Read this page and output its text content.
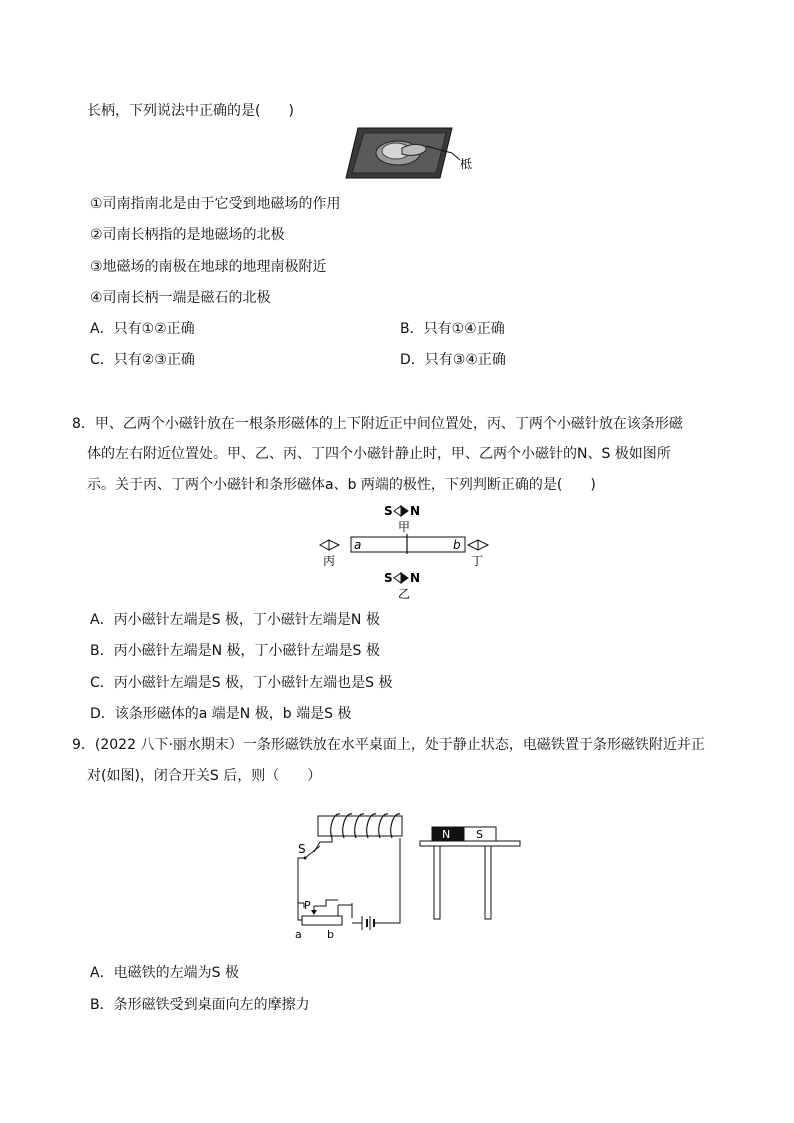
长柄，下列说法中正确的是(　　)
柢
①司南指南北是由于它受到地磁场的作用
②司南长柄指的是地磁场的北极
③地磁场的南极在地球的地理南极附近
④司南长柄一端是磁石的北极
A．只有①②正确	B．只有①④正确
C．只有②③正确	D．只有③④正确
8．甲、乙两个小磁针放在一根条形磁体的上下附近正中间位置处，丙、丁两个小磁针放在该条形磁
体的左右附近位置处。甲、乙、丙、丁四个小磁针静止时，甲、乙两个小磁针的N、S 极如图所
示。关于丙、丁两个小磁针和条形磁体a、b 两端的极性，下列判断正确的是(　　)
S N
甲
a	b
丙	丁
S N
乙
A．丙小磁针左端是S 极，丁小磁针左端是N 极
B．丙小磁针左端是N 极，丁小磁针左端是S 极
C．丙小磁针左端是S 极，丁小磁针左端也是S 极
D．该条形磁体的a 端是N 极，b 端是S 极
9．(2022 八下·丽水期末）一条形磁铁放在水平桌面上，处于静止状态，电磁铁置于条形磁铁附近并正
对(如图)，闭合开关S 后，则（　　）
S
P
a b
N S
A．电磁铁的左端为S 极
B．条形磁铁受到桌面向左的摩擦力
